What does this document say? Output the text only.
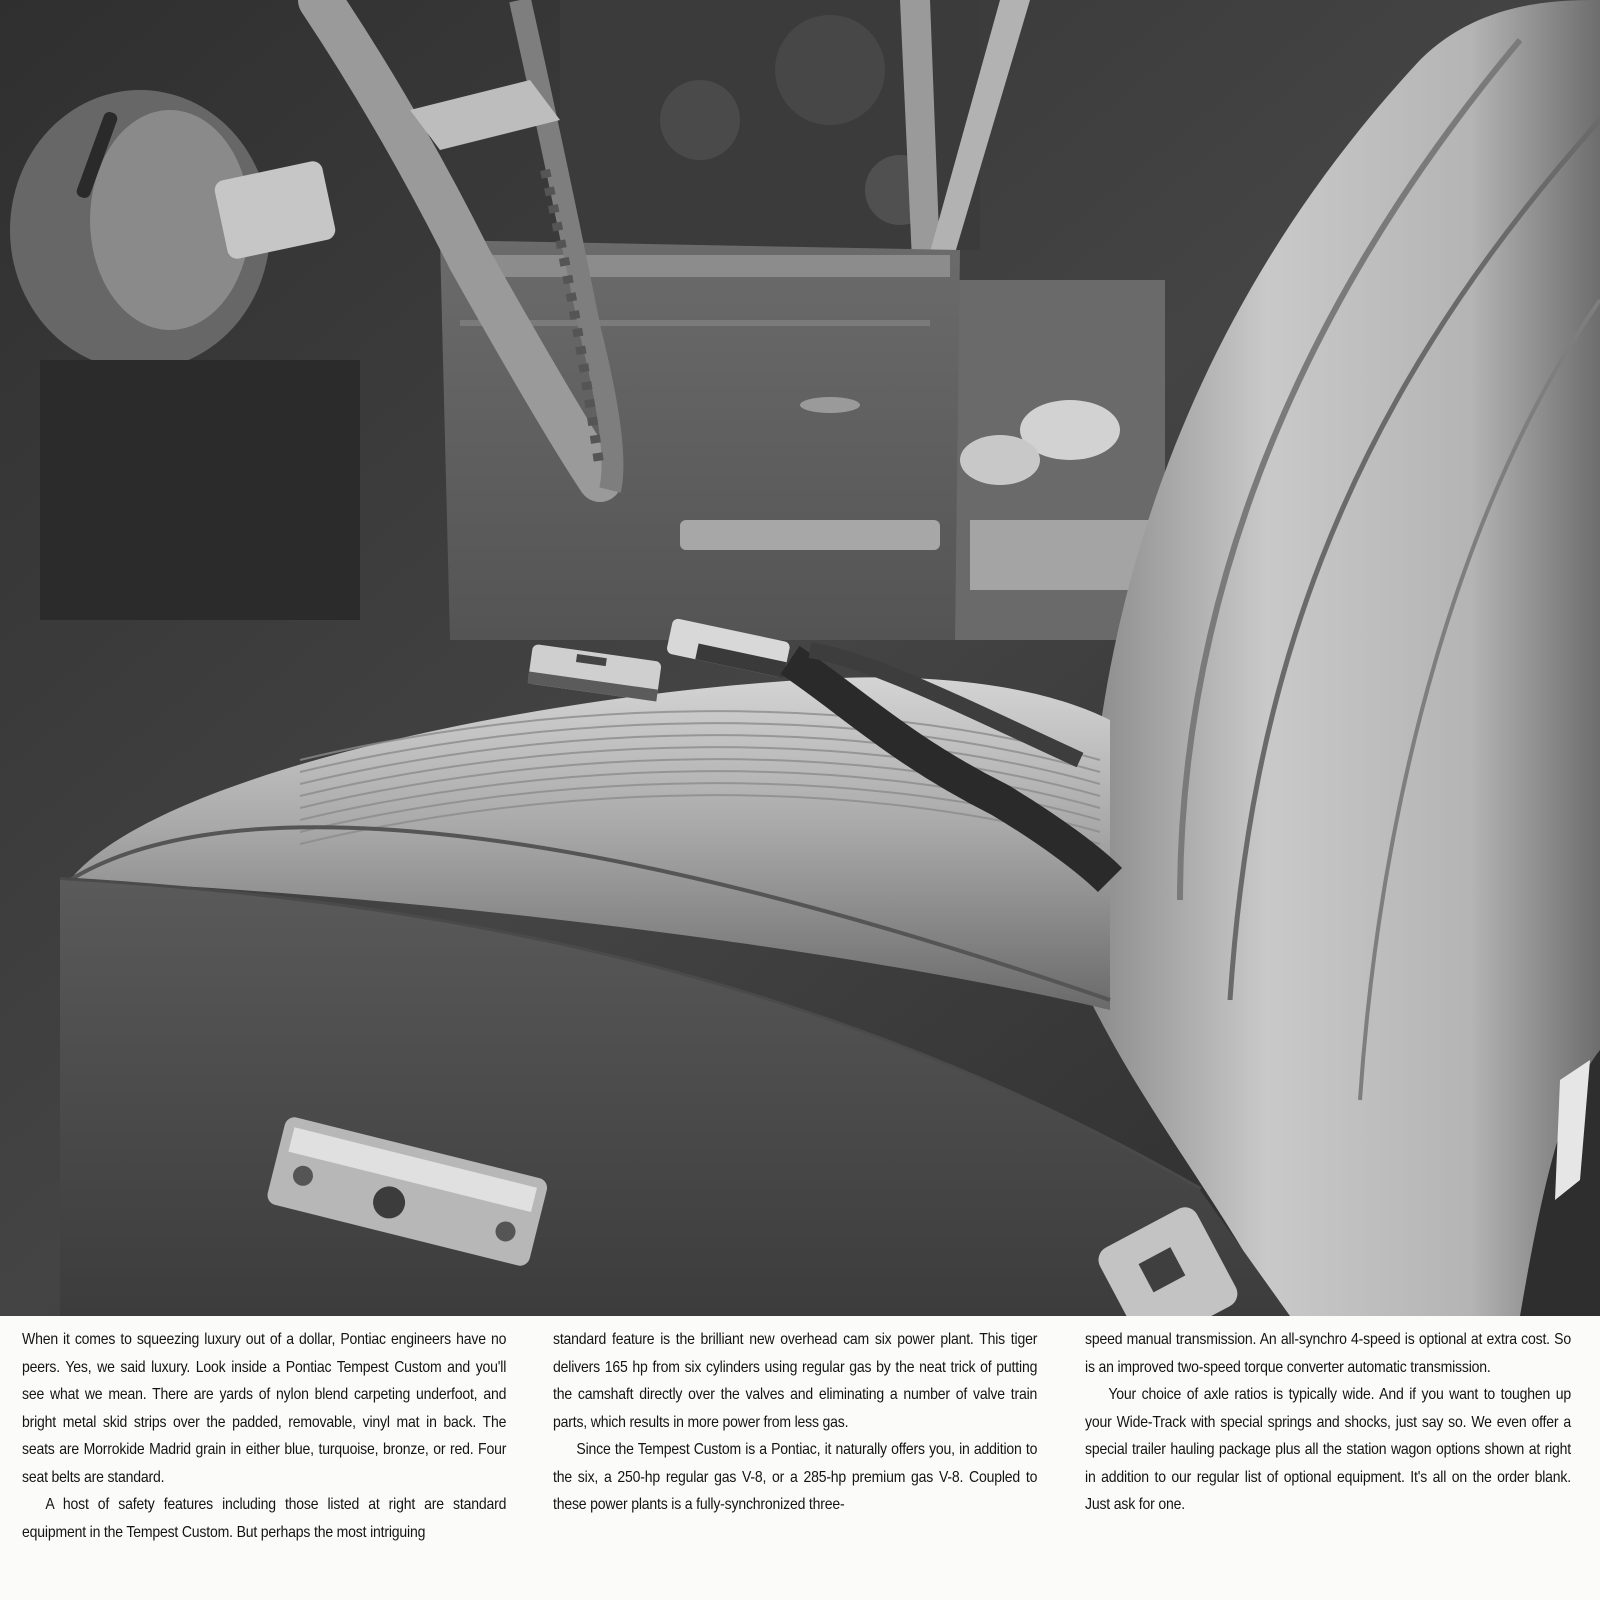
When it comes to squeezing luxury out of a dollar, Pontiac engineers have no peers. Yes, we said luxury. Look inside a Pontiac Tempest Custom and you'll see what we mean. There are yards of nylon blend carpeting underfoot, and bright metal skid strips over the padded, removable, vinyl mat in back. The seats are Morrokide Madrid grain in either blue, turquoise, bronze, or red. Four seat belts are standard.

A host of safety features including those listed at right are standard equipment in the Tempest Custom. But perhaps the most intriguing

standard feature is the brilliant new overhead cam six power plant. This tiger delivers 165 hp from six cylinders using regular gas by the neat trick of putting the camshaft directly over the valves and eliminating a number of valve train parts, which results in more power from less gas.

Since the Tempest Custom is a Pontiac, it naturally offers you, in addition to the six, a 250-hp regular gas V-8, or a 285-hp premium gas V-8. Coupled to these power plants is a fully-synchronized three-

speed manual transmission. An all-synchro 4-speed is optional at extra cost. So is an improved two-speed torque converter automatic transmission.

Your choice of axle ratios is typically wide. And if you want to toughen up your Wide-Track with special springs and shocks, just say so. We even offer a special trailer hauling package plus all the station wagon options shown at right in addition to our regular list of optional equipment. It's all on the order blank. Just ask for one.
